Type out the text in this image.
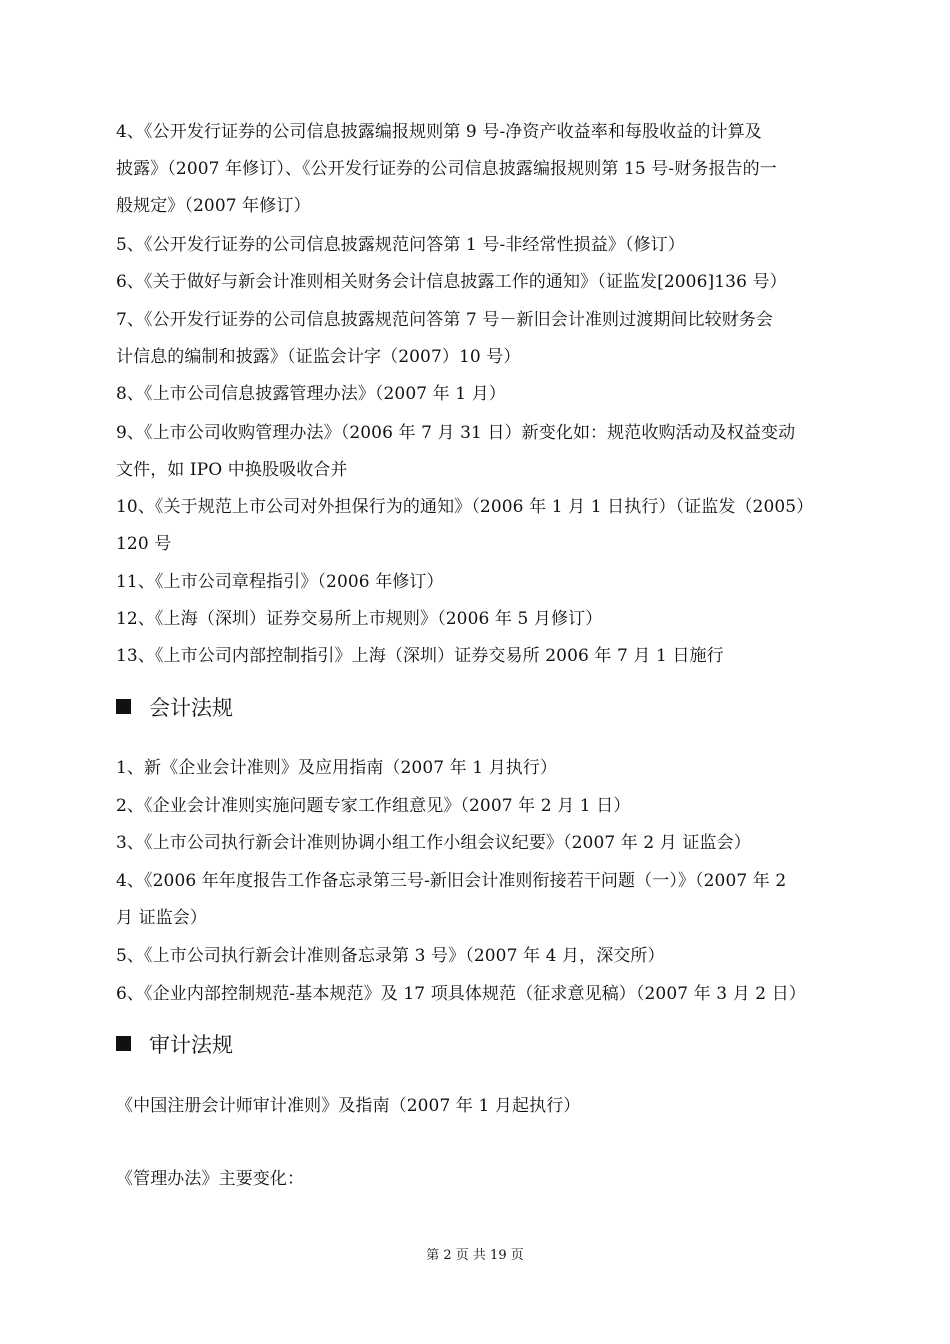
4、《公开发行证券的公司信息披露编报规则第 9 号-净资产收益率和每股收益的计算及
披露》（2007 年修订）、《公开发行证券的公司信息披露编报规则第 15 号-财务报告的一
般规定》（2007 年修订）
5、《公开发行证券的公司信息披露规范问答第 1 号-非经常性损益》（修订）
6、《关于做好与新会计准则相关财务会计信息披露工作的通知》（证监发[2006]136 号）
7、《公开发行证券的公司信息披露规范问答第 7 号－新旧会计准则过渡期间比较财务会
计信息的编制和披露》（证监会计字（2007）10 号）
8、《上市公司信息披露管理办法》（2007 年 1 月）
9、《上市公司收购管理办法》（2006 年 7 月 31 日）新变化如：规范收购活动及权益变动
文件，如 IPO 中换股吸收合并
10、《关于规范上市公司对外担保行为的通知》（2006 年 1 月 1 日执行）（证监发（2005）
120 号
11、《上市公司章程指引》（2006 年修订）
12、《上海（深圳）证券交易所上市规则》（2006 年 5 月修订）
13、《上市公司内部控制指引》上海（深圳）证券交易所 2006 年 7 月 1 日施行
会计法规
1、新《企业会计准则》及应用指南（2007 年 1 月执行）
2、《企业会计准则实施问题专家工作组意见》（2007 年 2 月 1 日）
3、《上市公司执行新会计准则协调小组工作小组会议纪要》（2007 年 2 月 证监会）
4、《2006 年年度报告工作备忘录第三号-新旧会计准则衔接若干问题（一）》（2007 年 2
月 证监会）
5、《上市公司执行新会计准则备忘录第 3 号》（2007 年 4 月，深交所）
6、《企业内部控制规范-基本规范》及 17 项具体规范（征求意见稿）（2007 年 3 月 2 日）
审计法规
《中国注册会计师审计准则》及指南（2007 年 1 月起执行）
《管理办法》主要变化：
第 2 页 共 19 页
